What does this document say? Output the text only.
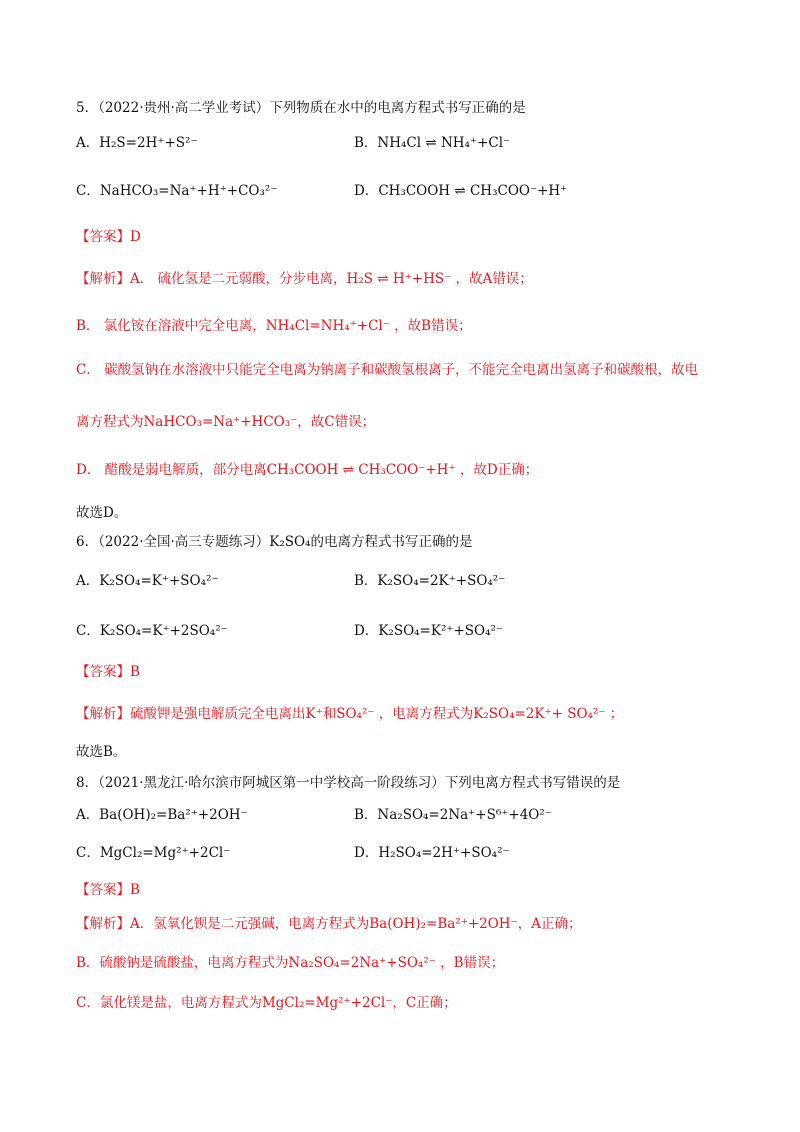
5．（2022·贵州·高二学业考试）下列物质在水中的电离方程式书写正确的是
A．H₂S=2H⁺+S²⁻	B．NH₄Cl ⇌ NH₄⁺+Cl⁻
C．NaHCO₃=Na⁺+H⁺+CO₃²⁻	D．CH₃COOH ⇌ CH₃COO⁻+H⁺
【答案】D
【解析】A． 硫化氢是二元弱酸，分步电离，H₂S ⇌ H⁺+HS⁻ ，故A错误；
B． 氯化铵在溶液中完全电离，NH₄Cl=NH₄⁺+Cl⁻ ，故B错误；
C． 碳酸氢钠在水溶液中只能完全电离为钠离子和碳酸氢根离子，不能完全电离出氢离子和碳酸根，故电
离方程式为NaHCO₃=Na⁺+HCO₃⁻，故C错误；
D． 醋酸是弱电解质，部分电离CH₃COOH ⇌ CH₃COO⁻+H⁺ ，故D正确；
故选D。
6．（2022·全国·高三专题练习）K₂SO₄的电离方程式书写正确的是
A．K₂SO₄=K⁺+SO₄²⁻	B．K₂SO₄=2K⁺+SO₄²⁻
C．K₂SO₄=K⁺+2SO₄²⁻	D．K₂SO₄=K²⁺+SO₄²⁻
【答案】B
【解析】硫酸钾是强电解质完全电离出K⁺和SO₄²⁻ ，电离方程式为K₂SO₄=2K⁺+ SO₄²⁻ ；
故选B。
8．（2021·黑龙江·哈尔滨市阿城区第一中学校高一阶段练习）下列电离方程式书写错误的是
A．Ba(OH)₂=Ba²⁺+2OH⁻	B．Na₂SO₄=2Na⁺+S⁶⁺+4O²⁻
C．MgCl₂=Mg²⁺+2Cl⁻	D．H₂SO₄=2H⁺+SO₄²⁻
【答案】B
【解析】A．氢氧化钡是二元强碱，电离方程式为Ba(OH)₂=Ba²⁺+2OH⁻，A正确；
B．硫酸钠是硫酸盐，电离方程式为Na₂SO₄=2Na⁺+SO₄²⁻ ，B错误；
C．氯化镁是盐，电离方程式为MgCl₂=Mg²⁺+2Cl⁻，C正确；
